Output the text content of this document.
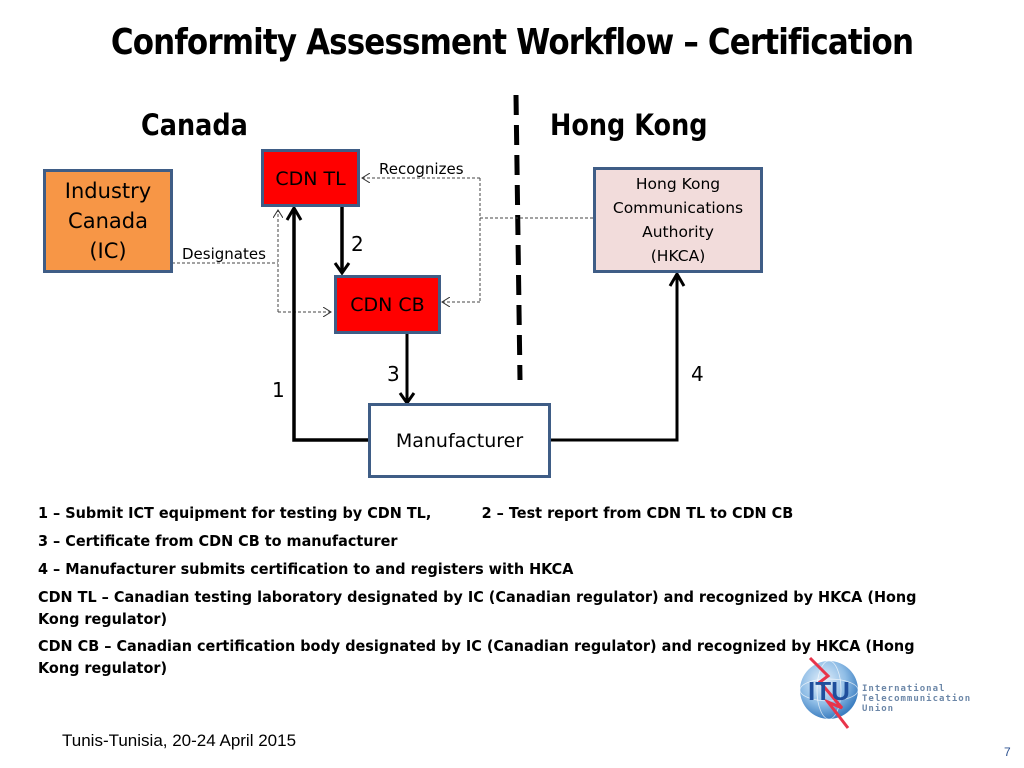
Conformity Assessment Workflow – Certification
Canada	Hong Kong
Industry
Canada
(IC)
CDN TL
CDN CB
Hong Kong
Communications
Authority
(HKCA)
Manufacturer
Recognizes
Designates	2
1
3	4
1 – Submit ICT equipment for testing by CDN TL,	2 – Test report from CDN TL to CDN CB
3 – Certificate from CDN CB to manufacturer
4 – Manufacturer submits certification to and registers with HKCA
CDN TL – Canadian testing laboratory designated by IC (Canadian regulator) and recognized by HKCA (Hong Kong regulator)
CDN CB – Canadian certification body designated by IC (Canadian regulator) and recognized by HKCA (Hong Kong regulator)
ITU International
Telecommunication
Union
Tunis-Tunisia, 20-24 April 2015
7
